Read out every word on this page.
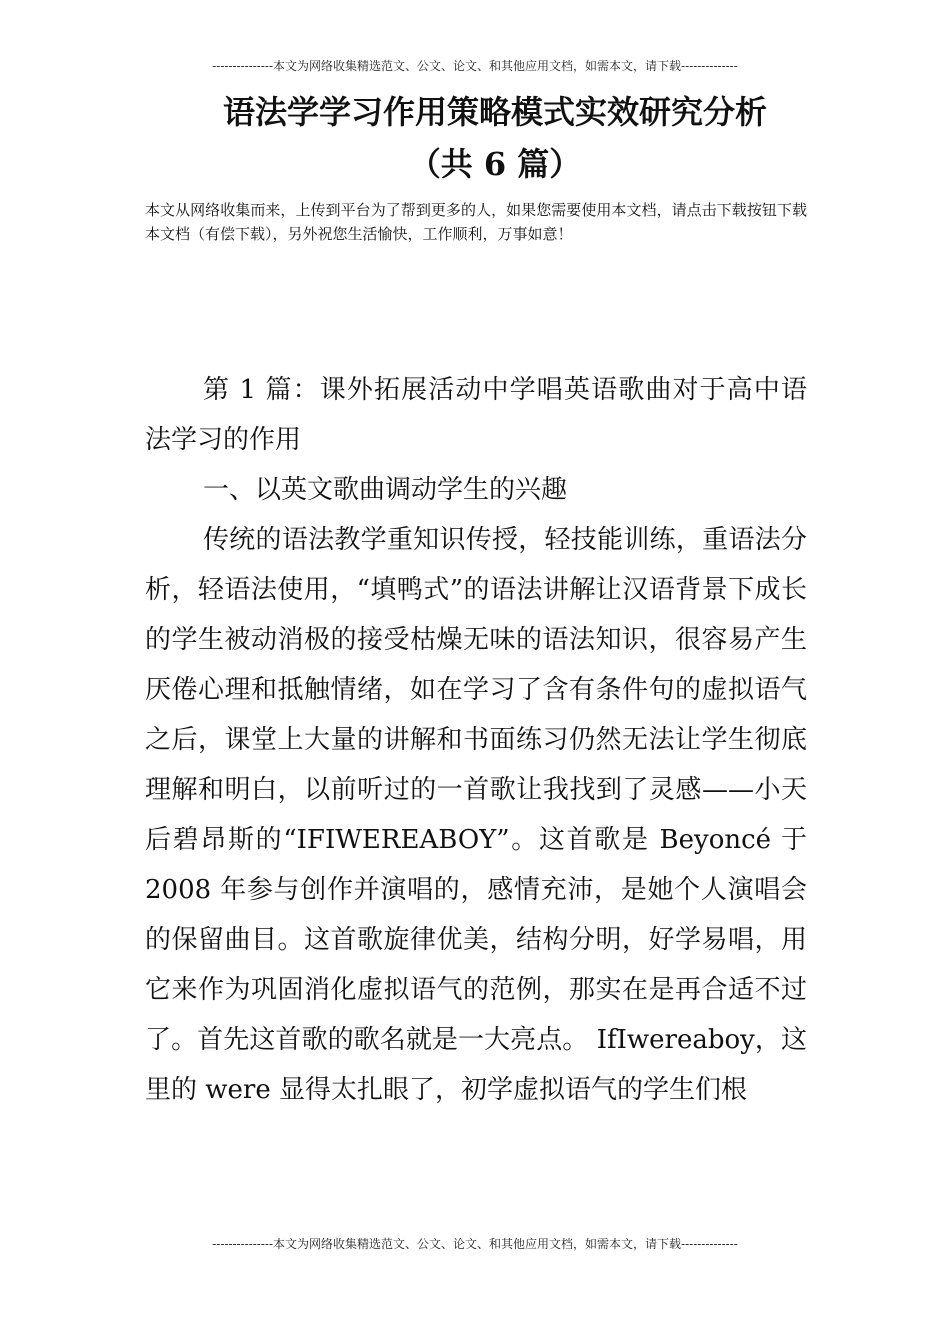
---------------本文为网络收集精选范文、公文、论文、和其他应用文档，如需本文，请下载--------------
语法学学习作用策略模式实效研究分析
（共 6 篇）

本文从网络收集而来，上传到平台为了帮到更多的人，如果您需要使用本文档，请点击下载按钮下载本文档（有偿下载），另外祝您生活愉快，工作顺利，万事如意！

第 1 篇：课外拓展活动中学唱英语歌曲对于高中语法学习的作用

一、以英文歌曲调动学生的兴趣

传统的语法教学重知识传授，轻技能训练，重语法分析，轻语法使用，“填鸭式”的语法讲解让汉语背景下成长的学生被动消极的接受枯燥无味的语法知识，很容易产生厌倦心理和抵触情绪，如在学习了含有条件句的虚拟语气之后，课堂上大量的讲解和书面练习仍然无法让学生彻底理解和明白，以前听过的一首歌让我找到了灵感——小天后碧昂斯的“IFIWEREABOY”。这首歌是 Beyoncé 于 2008 年参与创作并演唱的，感情充沛，是她个人演唱会的保留曲目。这首歌旋律优美，结构分明，好学易唱，用它来作为巩固消化虚拟语气的范例，那实在是再合适不过了。首先这首歌的歌名就是一大亮点。 IfIwereaboy，这里的 were 显得太扎眼了，初学虚拟语气的学生们根

---------------本文为网络收集精选范文、公文、论文、和其他应用文档，如需本文，请下载--------------
